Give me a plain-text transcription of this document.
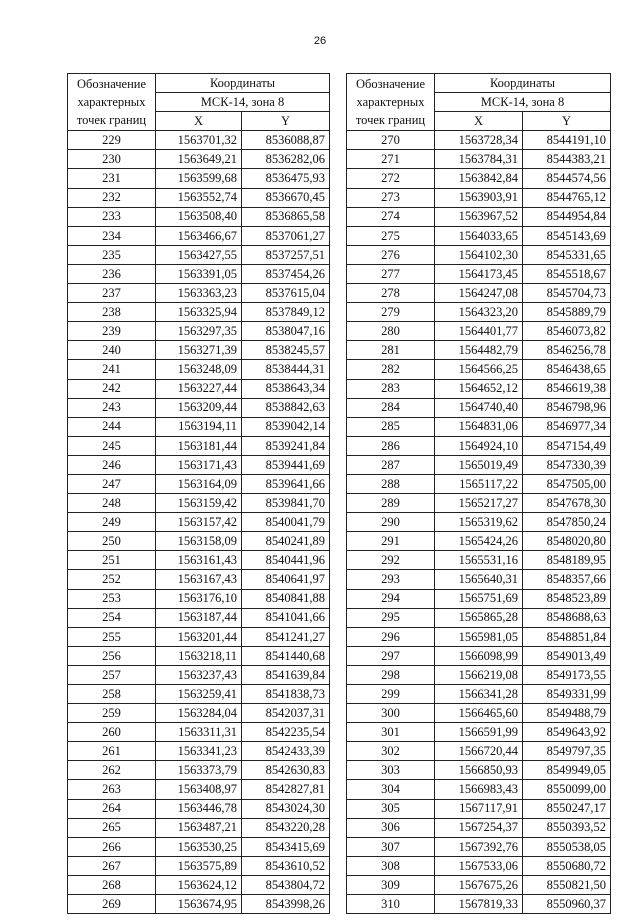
26
Обозначение
характерных
точек границ	Координаты	
	МСК-14, зона 8	
	X	Y
229	1563701,32	8536088,87
230	1563649,21	8536282,06
231	1563599,68	8536475,93
232	1563552,74	8536670,45
233	1563508,40	8536865,58
234	1563466,67	8537061,27
235	1563427,55	8537257,51
236	1563391,05	8537454,26
237	1563363,23	8537615,04
238	1563325,94	8537849,12
239	1563297,35	8538047,16
240	1563271,39	8538245,57
241	1563248,09	8538444,31
242	1563227,44	8538643,34
243	1563209,44	8538842,63
244	1563194,11	8539042,14
245	1563181,44	8539241,84
246	1563171,43	8539441,69
247	1563164,09	8539641,66
248	1563159,42	8539841,70
249	1563157,42	8540041,79
250	1563158,09	8540241,89
251	1563161,43	8540441,96
252	1563167,43	8540641,97
253	1563176,10	8540841,88
254	1563187,44	8541041,66
255	1563201,44	8541241,27
256	1563218,11	8541440,68
257	1563237,43	8541639,84
258	1563259,41	8541838,73
259	1563284,04	8542037,31
260	1563311,31	8542235,54
261	1563341,23	8542433,39
262	1563373,79	8542630,83
263	1563408,97	8542827,81
264	1563446,78	8543024,30
265	1563487,21	8543220,28
266	1563530,25	8543415,69
267	1563575,89	8543610,52
268	1563624,12	8543804,72
269	1563674,95	8543998,26
Обозначение
характерных
точек границ	Координаты	
	МСК-14, зона 8	
	X	Y
270	1563728,34	8544191,10
271	1563784,31	8544383,21
272	1563842,84	8544574,56
273	1563903,91	8544765,12
274	1563967,52	8544954,84
275	1564033,65	8545143,69
276	1564102,30	8545331,65
277	1564173,45	8545518,67
278	1564247,08	8545704,73
279	1564323,20	8545889,79
280	1564401,77	8546073,82
281	1564482,79	8546256,78
282	1564566,25	8546438,65
283	1564652,12	8546619,38
284	1564740,40	8546798,96
285	1564831,06	8546977,34
286	1564924,10	8547154,49
287	1565019,49	8547330,39
288	1565117,22	8547505,00
289	1565217,27	8547678,30
290	1565319,62	8547850,24
291	1565424,26	8548020,80
292	1565531,16	8548189,95
293	1565640,31	8548357,66
294	1565751,69	8548523,89
295	1565865,28	8548688,63
296	1565981,05	8548851,84
297	1566098,99	8549013,49
298	1566219,08	8549173,55
299	1566341,28	8549331,99
300	1566465,60	8549488,79
301	1566591,99	8549643,92
302	1566720,44	8549797,35
303	1566850,93	8549949,05
304	1566983,43	8550099,00
305	1567117,91	8550247,17
306	1567254,37	8550393,52
307	1567392,76	8550538,05
308	1567533,06	8550680,72
309	1567675,26	8550821,50
310	1567819,33	8550960,37
